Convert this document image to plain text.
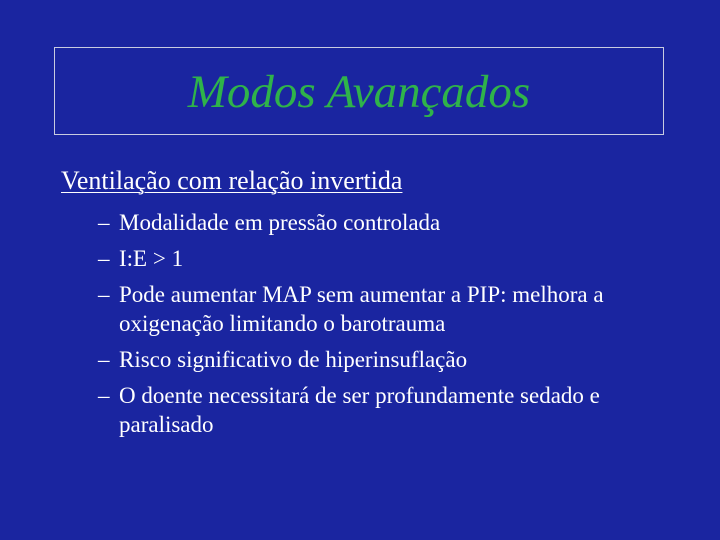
Modos Avançados
Ventilação com relação invertida
– Modalidade em pressão controlada
– I:E > 1
– Pode aumentar MAP sem aumentar a PIP: melhora a oxigenação limitando o barotrauma
– Risco significativo de hiperinsuflação
– O doente necessitará de ser profundamente sedado e paralisado
